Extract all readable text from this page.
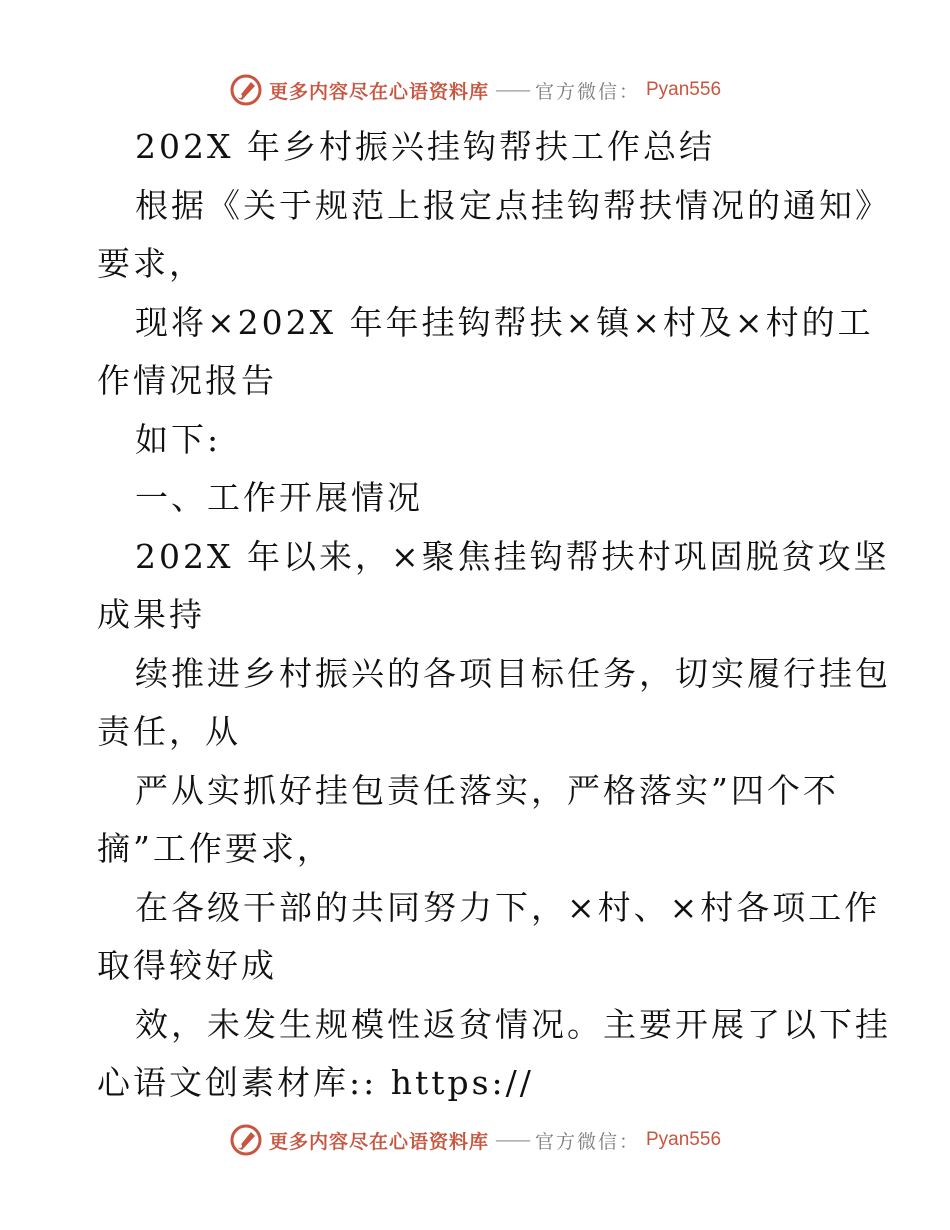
更多内容尽在心语资料库 —— 官方微信： Pyan556
202X 年乡村振兴挂钩帮扶工作总结
根据《关于规范上报定点挂钩帮扶情况的通知》
要求，
现将×202X 年年挂钩帮扶×镇×村及×村的工
作情况报告
如下:
一、工作开展情况
202X 年以来，×聚焦挂钩帮扶村巩固脱贫攻坚
成果持
续推进乡村振兴的各项目标任务，切实履行挂包
责任，从
严从实抓好挂包责任落实，严格落实”四个不
摘”工作要求，
在各级干部的共同努力下，×村、×村各项工作
取得较好成
效，未发生规模性返贫情况。主要开展了以下挂
心语文创素材库:: https://
更多内容尽在心语资料库 —— 官方微信： Pyan556
